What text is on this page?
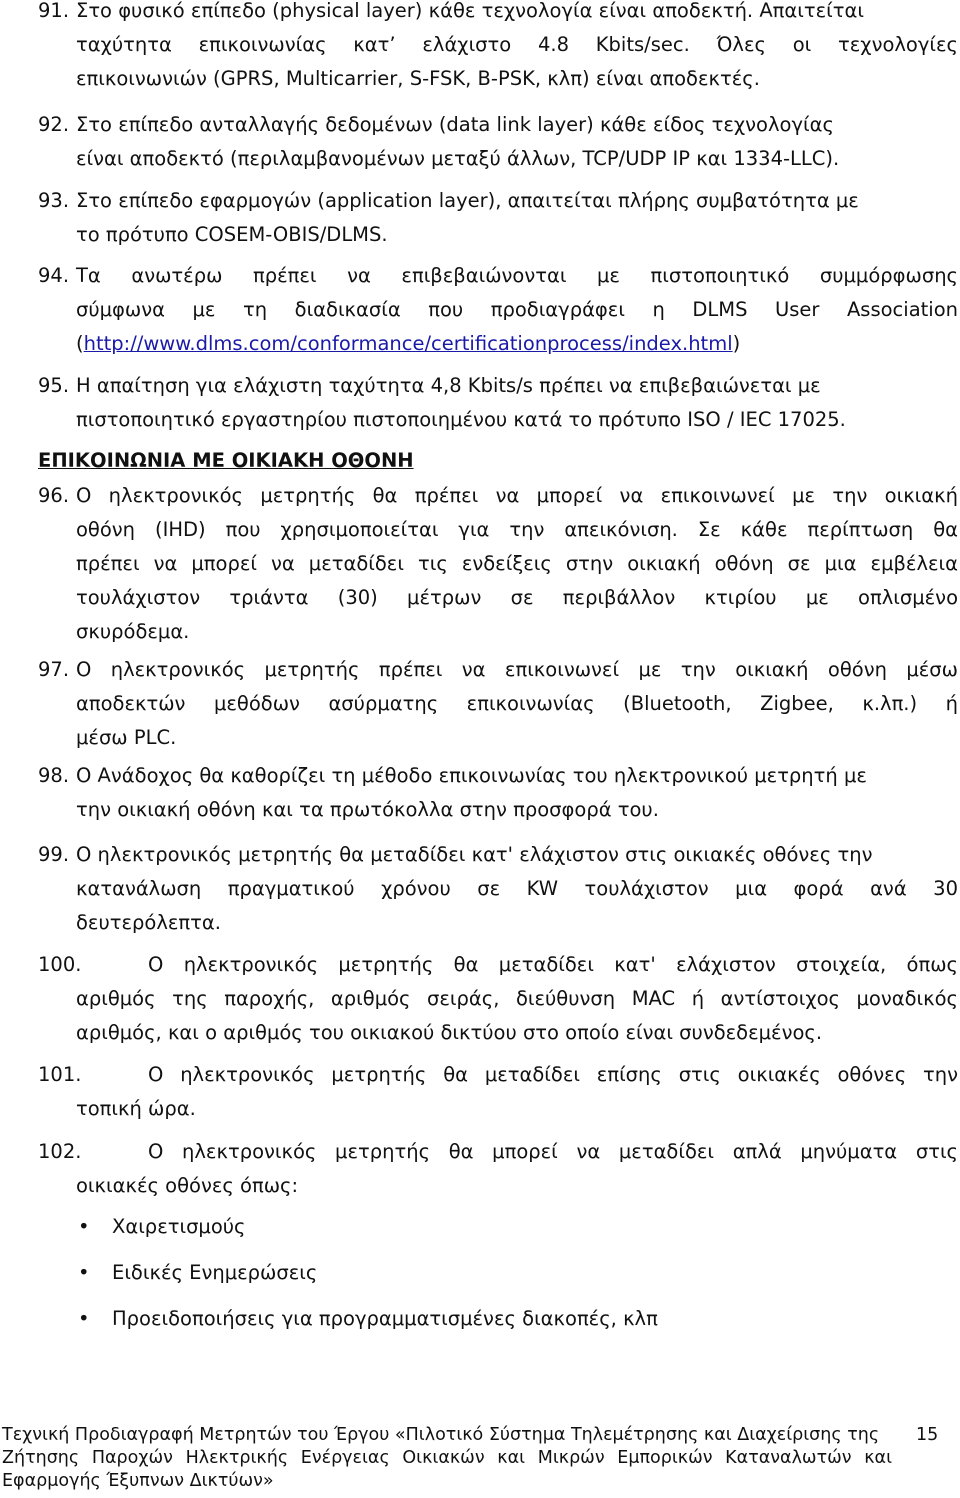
91. Στο φυσικό επίπεδο (physical layer) κάθε τεχνολογία είναι αποδεκτή. Απαιτείται
ταχύτητα επικοινωνίας κατ’ ελάχιστο 4.8 Kbits/sec. Όλες οι τεχνολογίες
επικοινωνιών (GPRS, Multicarrier, S-FSK, B-PSK, κλπ) είναι αποδεκτές.
92. Στο επίπεδο ανταλλαγής δεδομένων (data link layer) κάθε είδος τεχνολογίας
είναι αποδεκτό (περιλαμβανομένων μεταξύ άλλων, TCP/UDP IP και 1334-LLC).
93. Στο επίπεδο εφαρμογών (application layer), απαιτείται πλήρης συμβατότητα με
το πρότυπο COSEM-OBIS/DLMS.
94. Τα ανωτέρω πρέπει να επιβεβαιώνονται με πιστοποιητικό συμμόρφωσης
σύμφωνα με τη διαδικασία που προδιαγράφει η DLMS User Association
(http://www.dlms.com/conformance/certificationprocess/index.html)
95. Η απαίτηση για ελάχιστη ταχύτητα 4,8 Kbits/s πρέπει να επιβεβαιώνεται με
πιστοποιητικό εργαστηρίου πιστοποιημένου κατά το πρότυπο ISO / IEC 17025.
ΕΠΙΚΟΙΝΩΝΙΑ ΜΕ ΟΙΚΙΑΚΗ ΟΘΟΝΗ
96. Ο ηλεκτρονικός μετρητής θα πρέπει να μπορεί να επικοινωνεί με την οικιακή
οθόνη (IHD) που χρησιμοποιείται για την απεικόνιση. Σε κάθε περίπτωση θα
πρέπει να μπορεί να μεταδίδει τις ενδείξεις στην οικιακή οθόνη σε μια εμβέλεια
τουλάχιστον τριάντα (30) μέτρων σε περιβάλλον κτιρίου με οπλισμένο
σκυρόδεμα.
97. Ο ηλεκτρονικός μετρητής πρέπει να επικοινωνεί με την οικιακή οθόνη μέσω
αποδεκτών μεθόδων ασύρματης επικοινωνίας (Bluetooth, Zigbee, κ.λπ.) ή
μέσω PLC.
98. Ο Ανάδοχος θα καθορίζει τη μέθοδο επικοινωνίας του ηλεκτρονικού μετρητή με
την οικιακή οθόνη και τα πρωτόκολλα στην προσφορά του.
99. Ο ηλεκτρονικός μετρητής θα μεταδίδει κατ' ελάχιστον στις οικιακές οθόνες την
κατανάλωση πραγματικού χρόνου σε KW τουλάχιστον μια φορά ανά 30
δευτερόλεπτα.
100.	Ο ηλεκτρονικός μετρητής θα μεταδίδει κατ' ελάχιστον στοιχεία, όπως
αριθμός της παροχής, αριθμός σειράς, διεύθυνση MAC ή αντίστοιχος μοναδικός
αριθμός, και ο αριθμός του οικιακού δικτύου στο οποίο είναι συνδεδεμένος.
101.	Ο ηλεκτρονικός μετρητής θα μεταδίδει επίσης στις οικιακές οθόνες την
τοπική ώρα.
102.	Ο ηλεκτρονικός μετρητής θα μπορεί να μεταδίδει απλά μηνύματα στις
οικιακές οθόνες όπως:
• Χαιρετισμούς
• Ειδικές Ενημερώσεις
• Προειδοποιήσεις για προγραμματισμένες διακοπές, κλπ
Τεχνική Προδιαγραφή Μετρητών του Έργου «Πιλοτικό Σύστημα Τηλεμέτρησης και Διαχείρισης της
Ζήτησης Παροχών Ηλεκτρικής Ενέργειας Οικιακών και Μικρών Εμπορικών Καταναλωτών και
Εφαρμογής Έξυπνων Δικτύων»
15
